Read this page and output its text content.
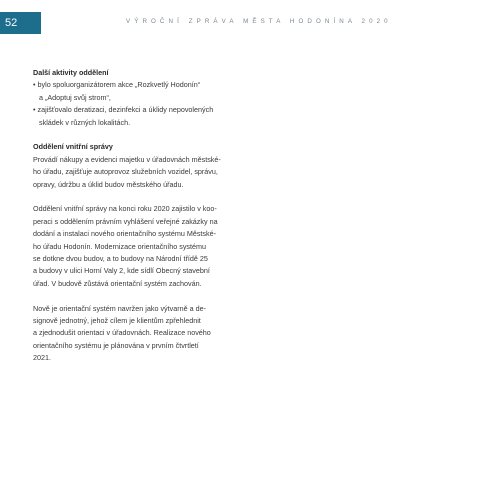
52	VÝROČNÍ ZPRÁVA MĚSTA HODONÍNA 2020

Další aktivity oddělení

• bylo spoluorganizátorem akce „Rozkvetlý Hodonín“
a „Adoptuj svůj strom“,

• zajišťovalo deratizaci, dezinfekci a úklidy nepovolených
skládek v různých lokalitách.

Oddělení vnitřní správy

Provádí nákupy a evidenci majetku v úřadovnách městské-

ho úřadu, zajišťuje autoprovoz služebních vozidel, správu,

opravy, údržbu a úklid budov městského úřadu.

Oddělení vnitřní správy na konci roku 2020 zajistilo v koo-

peraci s oddělením právním vyhlášení veřejné zakázky na

dodání a instalaci nového orientačního systému Městské-

ho úřadu Hodonín. Modernizace orientačního systému

se dotkne dvou budov, a to budovy na Národní třídě 25

a budovy v ulici Horní Valy 2, kde sídlí Obecný stavební

úřad. V budově zůstává orientační systém zachován.

Nově je orientační systém navržen jako výtvarně a de-

signově jednotný, jehož cílem je klientům zpřehlednit

a zjednodušit orientaci v úřadovnách. Realizace nového

orientačního systému je plánována v prvním čtvrtletí

2021.
